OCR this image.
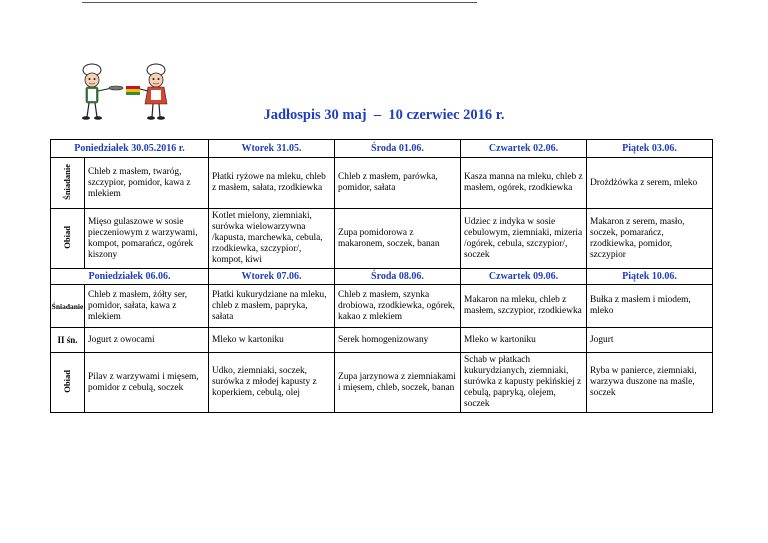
Jadłospis 30 maj  –  10 czerwiec 2016 r.
Poniedziałek 30.05.2016 r.		Wtorek 31.05.	Środa 01.06.	Czwartek 02.06.	Piątek 03.06.
Śniadanie	Chleb z masłem, twaróg, szczypior, pomidor, kawa z mlekiem	Płatki ryżowe na mleku, chleb z masłem, sałata, rzodkiewka	Chleb z masłem, parówka, pomidor, sałata	Kasza manna na mleku, chleb z masłem, ogórek, rzodkiewka	Drożdżówka z serem, mleko
Obiad	Mięso gulaszowe w sosie pieczeniowym z warzywami, kompot, pomarańcz, ogórek kiszony	Kotlet mielony, ziemniaki, surówka wielowarzywna /kapusta, marchewka, cebula, rzodkiewka, szczypior/, kompot, kiwi	Zupa pomidorowa z makaronem, soczek, banan	Udziec z indyka w sosie cebulowym, ziemniaki, mizeria /ogórek, cebula, szczypior/, soczek	Makaron z serem, masło, soczek, pomarańcz, rzodkiewka, pomidor, szczypior
Poniedziałek 06.06.		Wtorek 07.06.	Środa 08.06.	Czwartek 09.06.	Piątek 10.06.
Śniadanie	Chleb z masłem, żółty ser, pomidor, sałata, kawa z mlekiem	Płatki kukurydziane na mleku, chleb z masłem, papryka, sałata	Chleb z masłem, szynka drobiowa, rzodkiewka, ogórek, kakao z mlekiem	Makaron na mleku, chleb z masłem, szczypior, rzodkiewka	Bułka z masłem i miodem, mleko
II śn.	Jogurt z owocami	Mleko w kartoniku	Serek homogenizowany	Mleko w kartoniku	Jogurt
Obiad	Pilav z warzywami i mięsem, pomidor z cebulą, soczek	Udko, ziemniaki, soczek, surówka z młodej kapusty z koperkiem, cebulą, olej	Zupa jarzynowa z ziemniakami i mięsem, chleb, soczek, banan	Schab w płatkach kukurydzianych, ziemniaki, surówka z kapusty pekińskiej z cebulą, papryką, olejem, soczek	Ryba w panierce, ziemniaki, warzywa duszone na maśle, soczek
